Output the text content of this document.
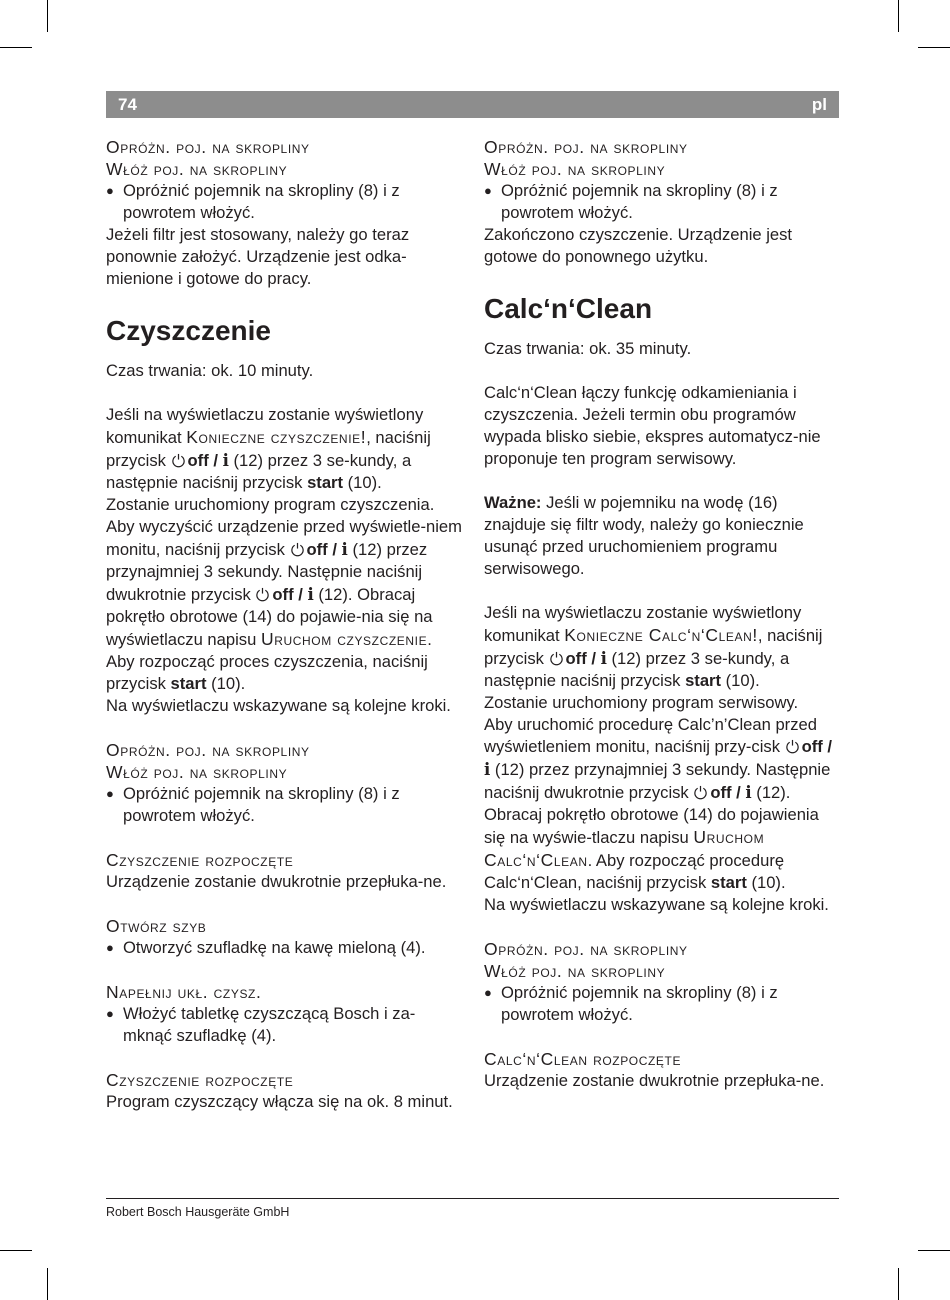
74	pl

Opróżn. poj. na skropliny

Włóż poj. na skropliny

● Opróżnić pojemnik na skropliny (8) i z powrotem włożyć.

Jeżeli filtr jest stosowany, należy go teraz ponownie założyć. Urządzenie jest odka-mienione i gotowe do pracy.

Czyszczenie

Czas trwania: ok. 10 minuty.

Jeśli na wyświetlaczu zostanie wyświetlony komunikat Konieczne czyszczenie!, naciśnij przycisk off / i (12) przez 3 se-kundy, a następnie naciśnij przycisk start (10).

Zostanie uruchomiony program czyszczenia.

Aby wyczyścić urządzenie przed wyświetle-niem monitu, naciśnij przycisk off / i (12) przez przynajmniej 3 sekundy. Następnie naciśnij dwukrotnie przycisk off / i (12). Obracaj pokrętło obrotowe (14) do pojawie-nia się na wyświetlaczu napisu Uruchom czyszczenie. Aby rozpocząć proces czyszczenia, naciśnij przycisk start (10).

Na wyświetlaczu wskazywane są kolejne kroki.

Opróżn. poj. na skropliny

Włóż poj. na skropliny

● Opróżnić pojemnik na skropliny (8) i z powrotem włożyć.

Czyszczenie rozpoczęte

Urządzenie zostanie dwukrotnie przepłuka-ne.

Otwórz szyb

● Otworzyć szufladkę na kawę mieloną (4).

Napełnij ukł. czysz.

● Włożyć tabletkę czyszczącą Bosch i za-mknąć szufladkę (4).

Czyszczenie rozpoczęte

Program czyszczący włącza się na ok. 8 minut.

Opróżn. poj. na skropliny

Włóż poj. na skropliny

● Opróżnić pojemnik na skropliny (8) i z powrotem włożyć.

Zakończono czyszczenie. Urządzenie jest gotowe do ponownego użytku.

Calc‘n‘Clean

Czas trwania: ok. 35 minuty.

Calc‘n‘Clean łączy funkcję odkamieniania i czyszczenia. Jeżeli termin obu programów wypada blisko siebie, ekspres automatycz-nie proponuje ten program serwisowy.

Ważne: Jeśli w pojemniku na wodę (16) znajduje się filtr wody, należy go koniecznie usunąć przed uruchomieniem programu serwisowego.

Jeśli na wyświetlaczu zostanie wyświetlony komunikat Konieczne Calc‘n‘Clean!, naciśnij przycisk off / i (12) przez 3 se-kundy, a następnie naciśnij przycisk start (10).

Zostanie uruchomiony program serwisowy.

Aby uruchomić procedurę Calc’n’Clean przed wyświetleniem monitu, naciśnij przy-cisk off / i (12) przez przynajmniej 3 sekundy. Następnie naciśnij dwukrotnie przycisk off / i (12). Obracaj pokrętło obrotowe (14) do pojawienia się na wyświe-tlaczu napisu Uruchom Calc‘n‘Clean. Aby rozpocząć procedurę Calc‘n‘Clean, naciśnij przycisk start (10).

Na wyświetlaczu wskazywane są kolejne kroki.

Opróżn. poj. na skropliny

Włóż poj. na skropliny

● Opróżnić pojemnik na skropliny (8) i z powrotem włożyć.

Calc‘n‘Clean rozpoczęte

Urządzenie zostanie dwukrotnie przepłuka-ne.

Robert Bosch Hausgeräte GmbH
